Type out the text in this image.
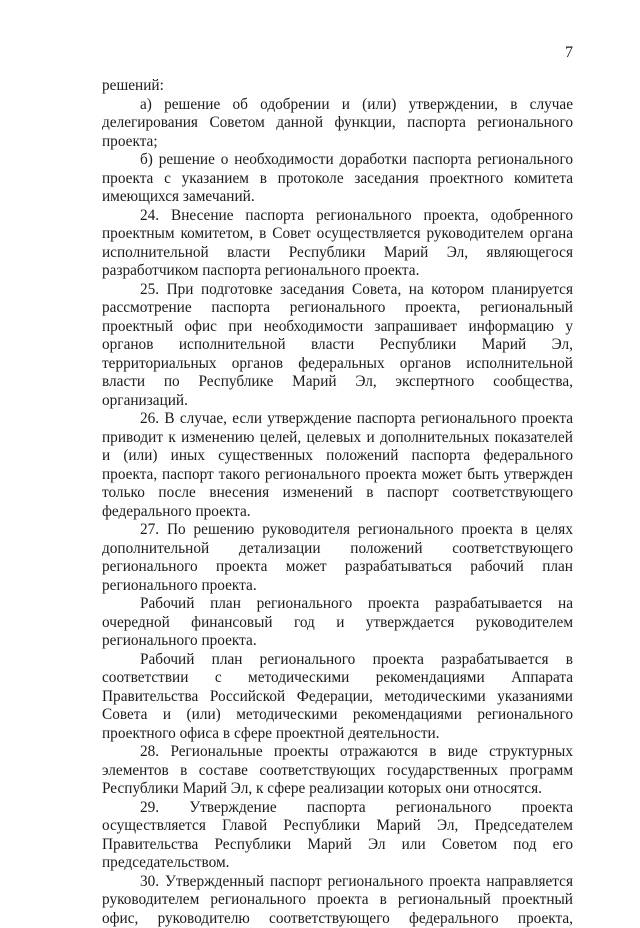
7

решений:

а) решение об одобрении и (или) утверждении, в случае делегирования Советом данной функции, паспорта регионального проекта;

б) решение о необходимости доработки паспорта регионального проекта с указанием в протоколе заседания проектного комитета имеющихся замечаний.

24. Внесение паспорта регионального проекта, одобренного проектным комитетом, в Совет осуществляется руководителем органа исполнительной власти Республики Марий Эл, являющегося разработчиком паспорта регионального проекта.

25. При подготовке заседания Совета, на котором планируется рассмотрение паспорта регионального проекта, региональный проектный офис при необходимости запрашивает информацию у органов исполнительной власти Республики Марий Эл, территориальных органов федеральных органов исполнительной власти по Республике Марий Эл, экспертного сообщества, организаций.

26. В случае, если утверждение паспорта регионального проекта приводит к изменению целей, целевых и дополнительных показателей и (или) иных существенных положений паспорта федерального проекта, паспорт такого регионального проекта может быть утвержден только после внесения изменений в паспорт соответствующего федерального проекта.

27. По решению руководителя регионального проекта в целях дополнительной детализации положений соответствующего регионального проекта может разрабатываться рабочий план регионального проекта.

Рабочий план регионального проекта разрабатывается на очередной финансовый год и утверждается руководителем регионального проекта.

Рабочий план регионального проекта разрабатывается в соответствии с методическими рекомендациями Аппарата Правительства Российской Федерации, методическими указаниями Совета и (или) методическими рекомендациями регионального проектного офиса в сфере проектной деятельности.

28. Региональные проекты отражаются в виде структурных элементов в составе соответствующих государственных программ Республики Марий Эл, к сфере реализации которых они относятся.

29. Утверждение паспорта регионального проекта осуществляется Главой Республики Марий Эл, Председателем Правительства Республики Марий Эл или Советом под его председательством.

30. Утвержденный паспорт регионального проекта направляется руководителем регионального проекта в региональный проектный офис, руководителю соответствующего федерального проекта,
